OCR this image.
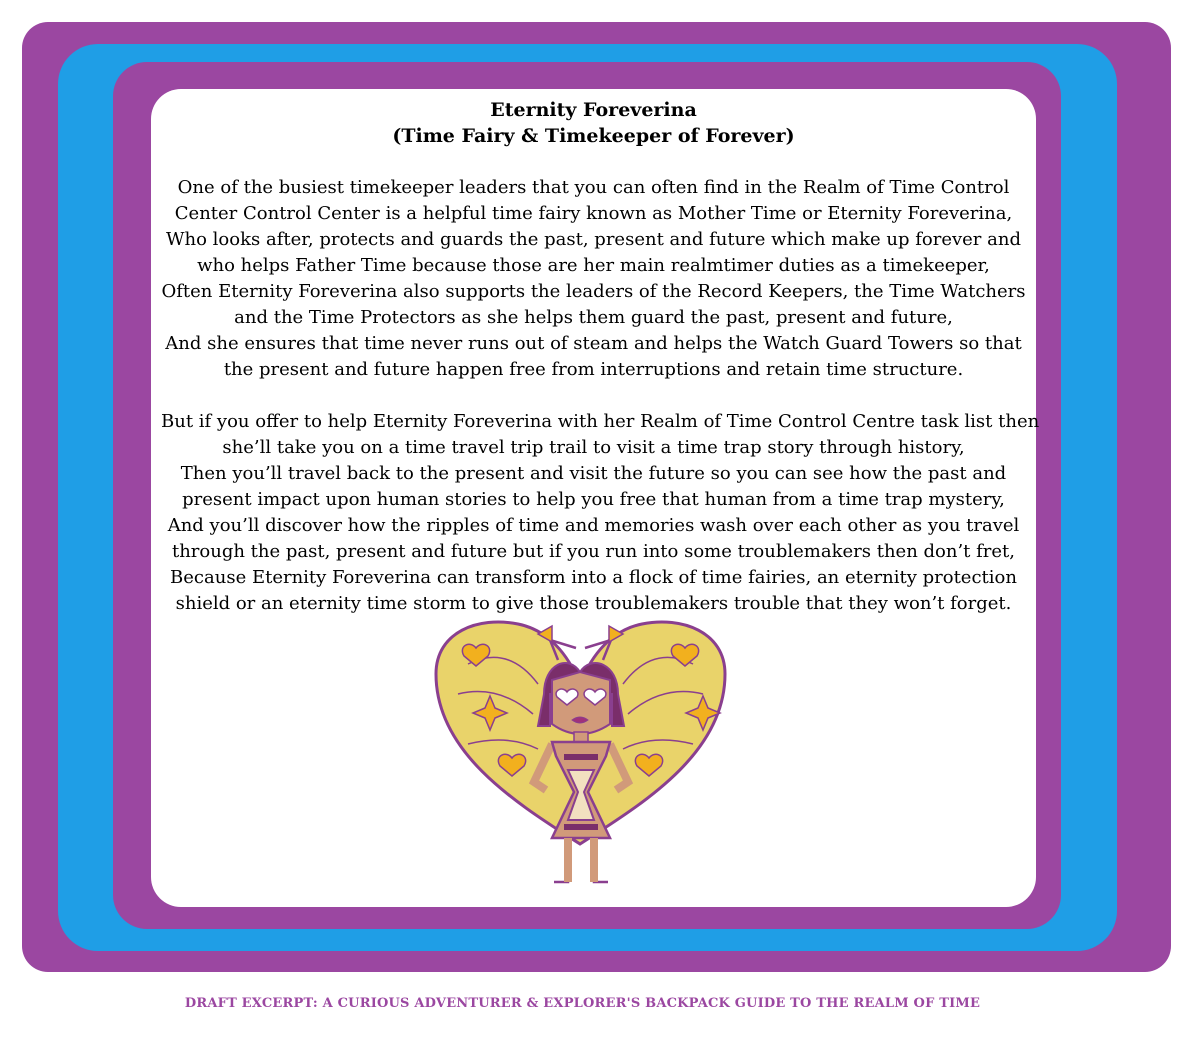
Eternity Foreverina
(Time Fairy & Timekeeper of Forever)
One of the busiest timekeeper leaders that you can often find in the Realm of Time Control
Center Control Center is a helpful time fairy known as Mother Time or Eternity Foreverina,
Who looks after, protects and guards the past, present and future which make up forever and
who helps Father Time because those are her main realmtimer duties as a timekeeper,
Often Eternity Foreverina also supports the leaders of the Record Keepers, the Time Watchers
and the Time Protectors as she helps them guard the past, present and future,
And she ensures that time never runs out of steam and helps the Watch Guard Towers so that
the present and future happen free from interruptions and retain time structure.
But if you offer to help Eternity Foreverina with her Realm of Time Control Centre task list then
she’ll take you on a time travel trip trail to visit a time trap story through history,
Then you’ll travel back to the present and visit the future so you can see how the past and
present impact upon human stories to help you free that human from a time trap mystery,
And you’ll discover how the ripples of time and memories wash over each other as you travel
through the past, present and future but if you run into some troublemakers then don’t fret,
Because Eternity Foreverina can transform into a flock of time fairies, an eternity protection
shield or an eternity time storm to give those troublemakers trouble that they won’t forget.
DRAFT EXCERPT: A CURIOUS ADVENTURER & EXPLORER'S BACKPACK GUIDE TO THE REALM OF TIME
